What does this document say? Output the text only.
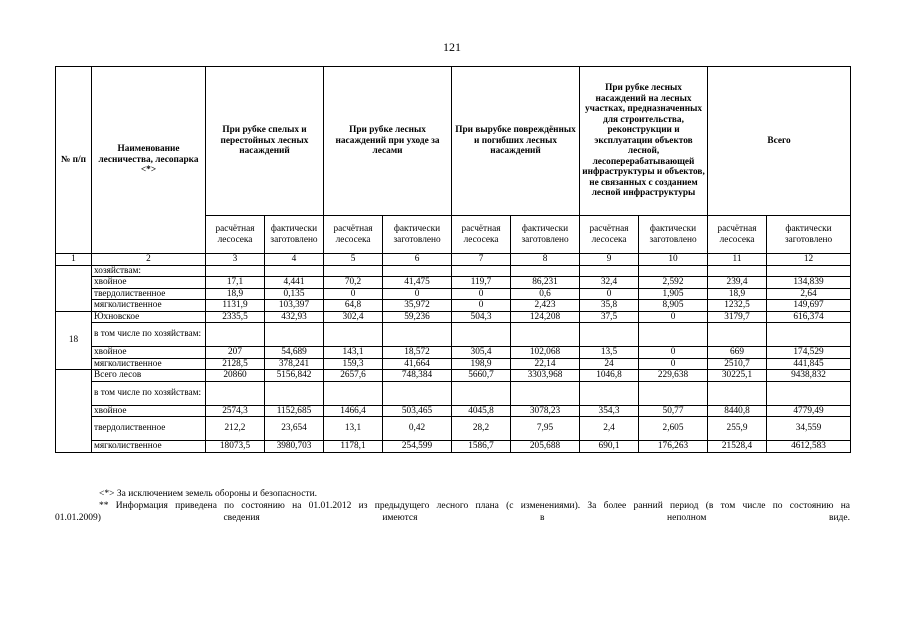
121
№ п/п	Наименование лесничества, лесопарка <*>	При рубке спелых и перестойных лесных насаждений		При рубке лесных насаждений при уходе за лесами		При вырубке повреждённых и погибших лесных насаждений		При рубке лесных насаждений на лесных участках, предназначенных для строительства, реконструкции и эксплуатации объектов лесной, лесоперерабатывающей инфраструктуры и объектов, не связанных с созданием лесной инфраструктуры		Всего	
		расчётная лесосека	фактически заготовлено	расчётная лесосека	фактически заготовлено	расчётная лесосека	фактически заготовлено	расчётная лесосека	фактически заготовлено	расчётная лесосека	фактически заготовлено
1	2	3	4	5	6	7	8	9	10	11	12
	хозяйствам:										
	хвойное	17,1	4,441	70,2	41,475	119,7	86,231	32,4	2,592	239,4	134,839
	твердолиственное	18,9	0,135	0	0	0	0,6	0	1,905	18,9	2,64
	мягколиственное	1131,9	103,397	64,8	35,972	0	2,423	35,8	8,905	1232,5	149,697
18	Юхновское	2335,5	432,93	302,4	59,236	504,3	124,208	37,5	0	3179,7	616,374
	в том числе по хозяйствам:										
	хвойное	207	54,689	143,1	18,572	305,4	102,068	13,5	0	669	174,529
	мягколиственное	2128,5	378,241	159,3	41,664	198,9	22,14	24	0	2510,7	441,845
	Всего лесов	20860	5156,842	2657,6	748,384	5660,7	3303,968	1046,8	229,638	30225,1	9438,832
	в том числе по хозяйствам:										
	хвойное	2574,3	1152,685	1466,4	503,465	4045,8	3078,23	354,3	50,77	8440,8	4779,49
	твердолиственное	212,2	23,654	13,1	0,42	28,2	7,95	2,4	2,605	255,9	34,559
	мягколиственное	18073,5	3980,703	1178,1	254,599	1586,7	205,688	690,1	176,263	21528,4	4612,583
<*> За исключением земель обороны и безопасности.
** Информация приведена по состоянию на 01.01.2012 из предыдущего лесного плана (с изменениями). За более ранний период (в том числе по состоянию на
01.01.2009)	сведения	имеются	в	неполном	виде.
